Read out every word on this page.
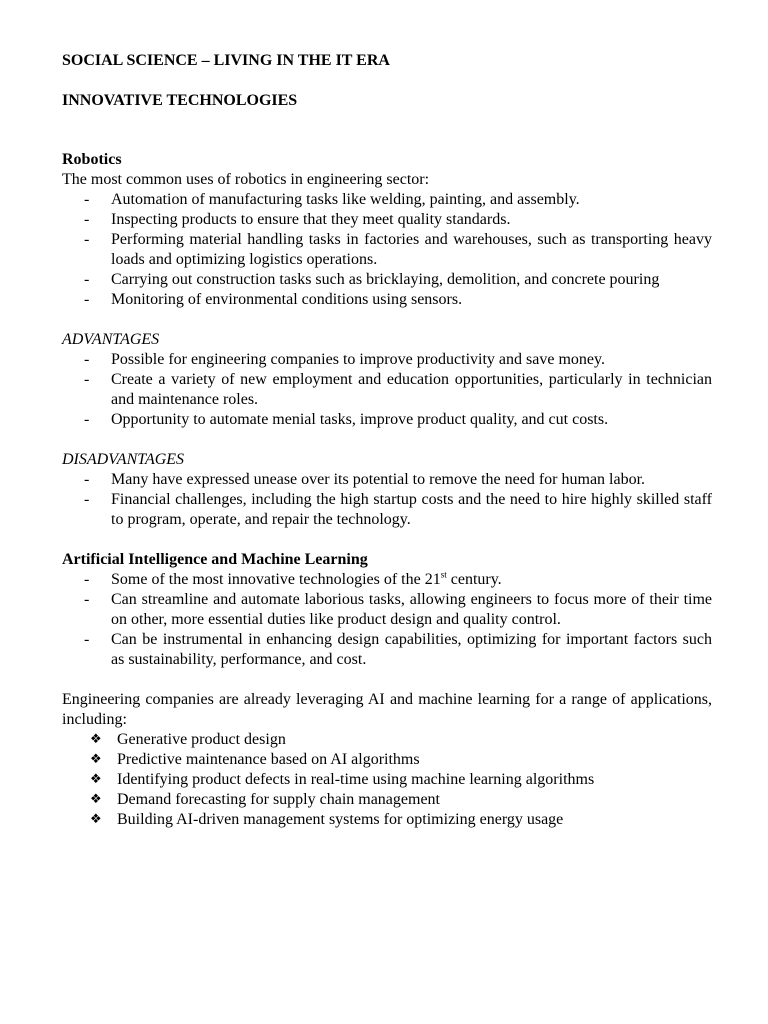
SOCIAL SCIENCE – LIVING IN THE IT ERA

INNOVATIVE TECHNOLOGIES

Robotics

The most common uses of robotics in engineering sector:

- Automation of manufacturing tasks like welding, painting, and assembly.
- Inspecting products to ensure that they meet quality standards.
- Performing material handling tasks in factories and warehouses, such as transporting heavy loads and optimizing logistics operations.
- Carrying out construction tasks such as bricklaying, demolition, and concrete pouring
- Monitoring of environmental conditions using sensors.

ADVANTAGES

- Possible for engineering companies to improve productivity and save money.
- Create a variety of new employment and education opportunities, particularly in technician and maintenance roles.
- Opportunity to automate menial tasks, improve product quality, and cut costs.

DISADVANTAGES

- Many have expressed unease over its potential to remove the need for human labor.
- Financial challenges, including the high startup costs and the need to hire highly skilled staff to program, operate, and repair the technology.

Artificial Intelligence and Machine Learning

- Some of the most innovative technologies of the 21st century.
- Can streamline and automate laborious tasks, allowing engineers to focus more of their time on other, more essential duties like product design and quality control.
- Can be instrumental in enhancing design capabilities, optimizing for important factors such as sustainability, performance, and cost.

Engineering companies are already leveraging AI and machine learning for a range of applications, including:

❖ Generative product design
❖ Predictive maintenance based on AI algorithms
❖ Identifying product defects in real-time using machine learning algorithms
❖ Demand forecasting for supply chain management
❖ Building AI-driven management systems for optimizing energy usage
